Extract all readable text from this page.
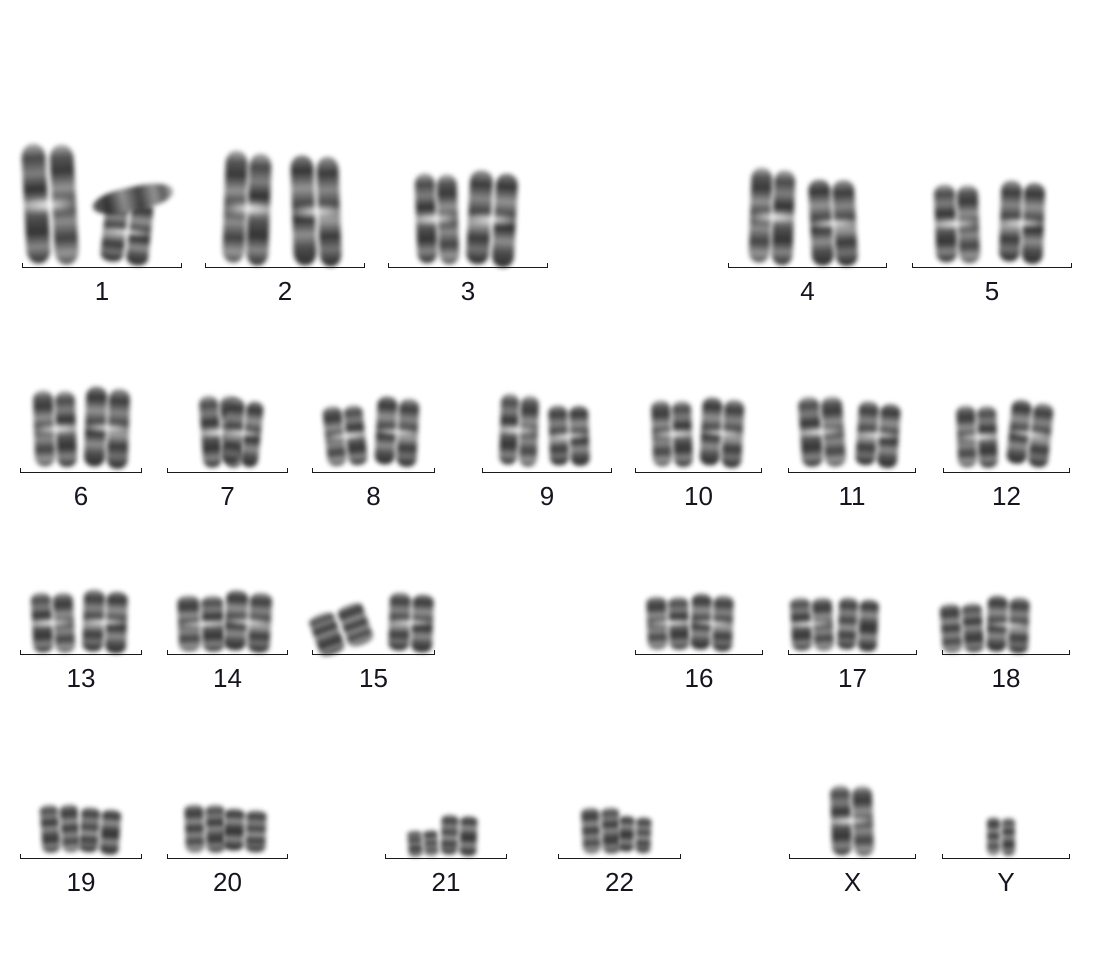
1	2	3	4	5
6	7	8	9	10	11	12
13	14	15	16	17	18
19	20	21	22	X	Y
